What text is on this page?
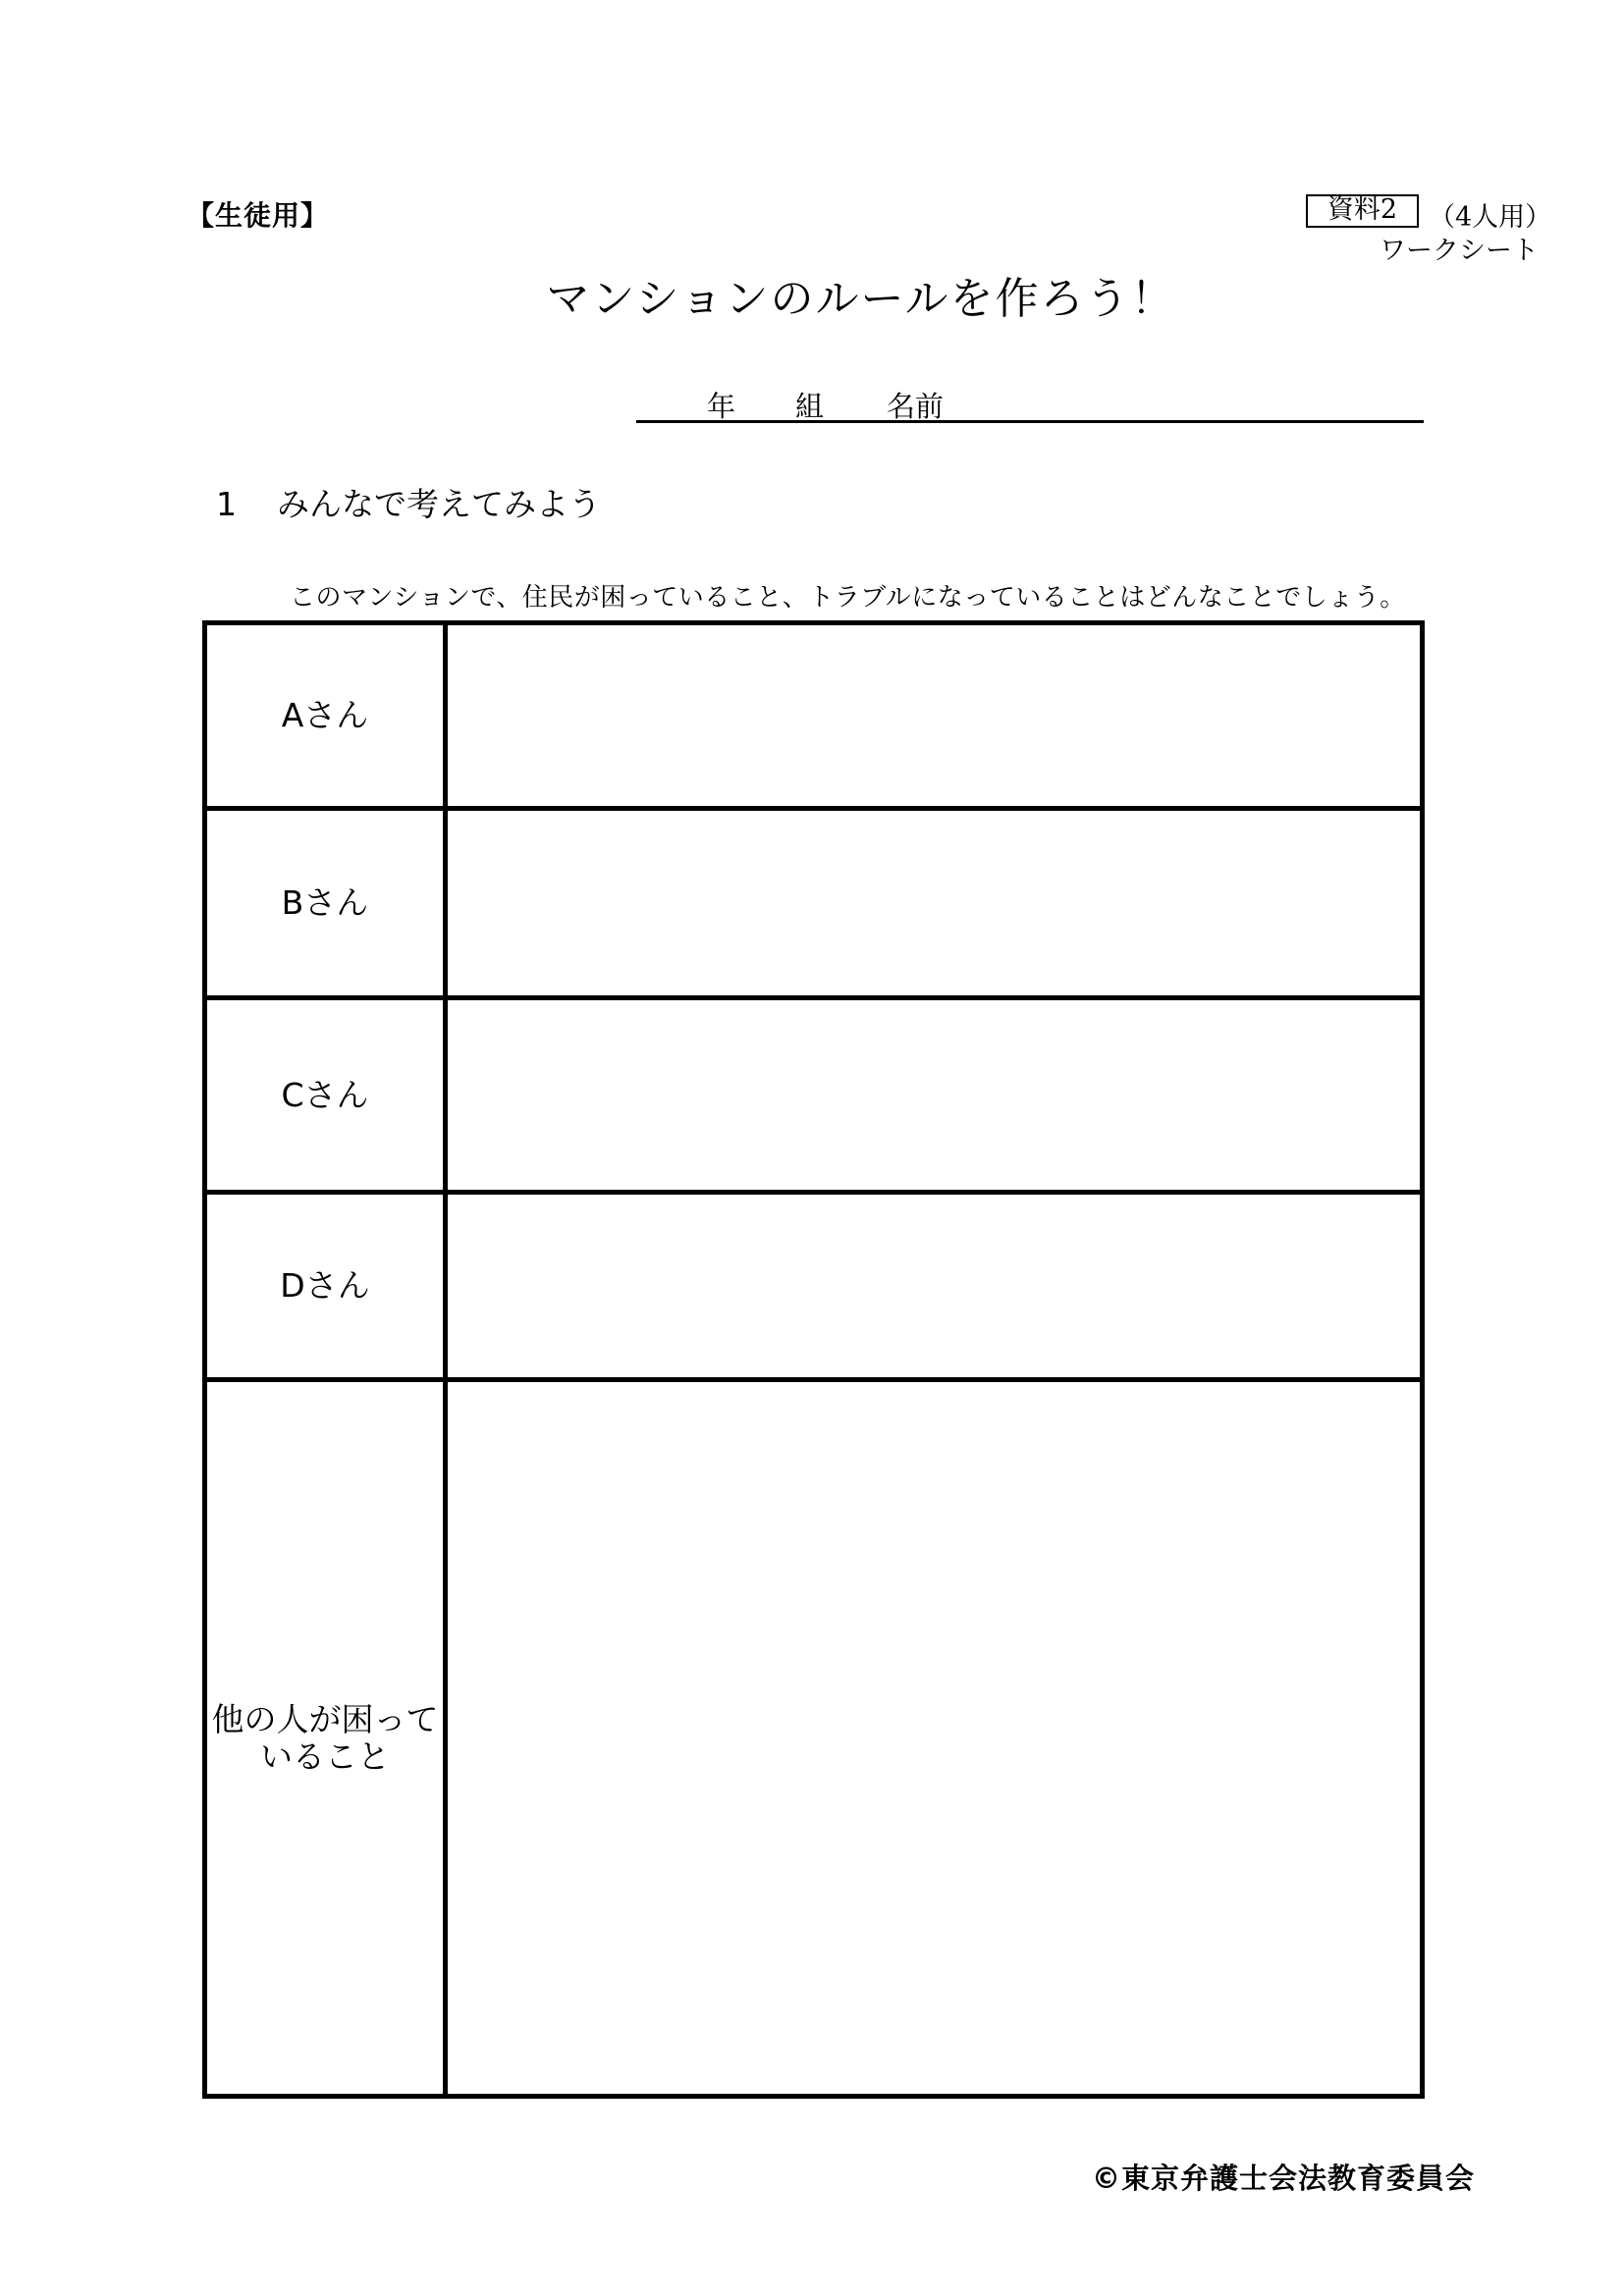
【生徒用】	資料2	（4人用）
ワークシート
マンションのルールを作ろう！
年 組 名前
1 みんなで考えてみよう
このマンションで、住民が困っていること、トラブルになっていることはどんなことでしょう。
Aさん	
Bさん	
Cさん	
Dさん	
他の人が困っていること	
©東京弁護士会法教育委員会
